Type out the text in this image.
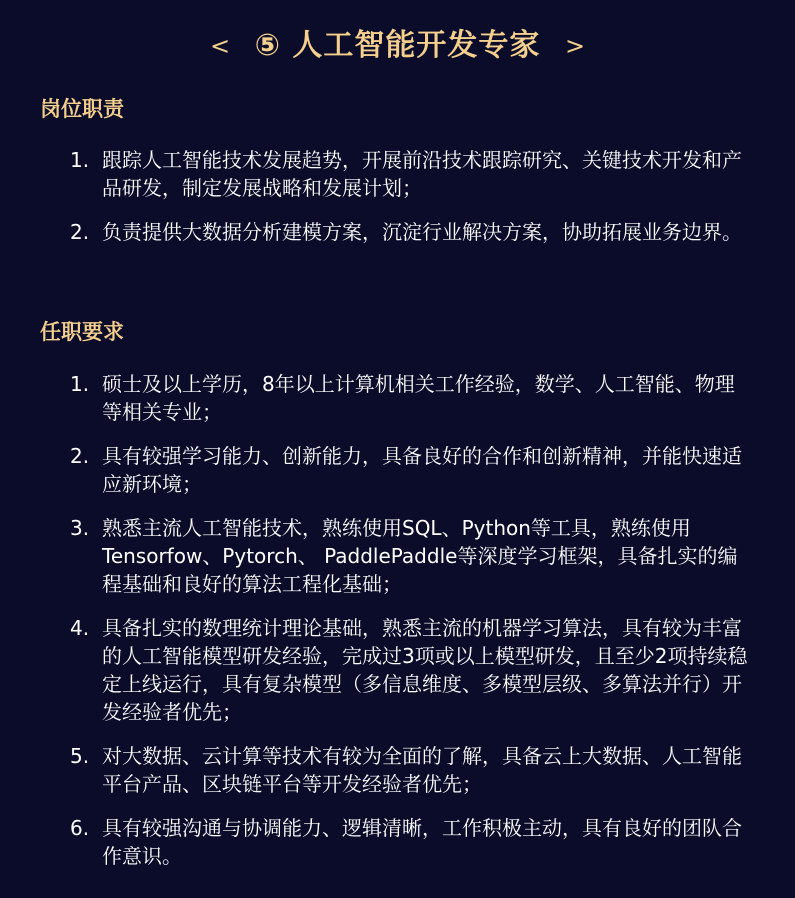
⑤ 人工智能开发专家
<	>
岗位职责
1. 跟踪人工智能技术发展趋势，开展前沿技术跟踪研究、关键技术开发和产品研发，制定发展战略和发展计划；
2. 负责提供大数据分析建模方案，沉淀行业解决方案，协助拓展业务边界。
任职要求
1. 硕士及以上学历，8年以上计算机相关工作经验，数学、人工智能、物理等相关专业；
2. 具有较强学习能力、创新能力，具备良好的合作和创新精神，并能快速适应新环境；
3. 熟悉主流人工智能技术，熟练使用SQL、Python等工具，熟练使用 Tensorfow、Pytorch、 PaddlePaddle等深度学习框架，具备扎实的编程基础和良好的算法工程化基础；
4. 具备扎实的数理统计理论基础，熟悉主流的机器学习算法，具有较为丰富的人工智能模型研发经验，完成过3项或以上模型研发，且至少2项持续稳定上线运行，具有复杂模型（多信息维度、多模型层级、多算法并行）开发经验者优先；
5. 对大数据、云计算等技术有较为全面的了解，具备云上大数据、人工智能平台产品、区块链平台等开发经验者优先；
6. 具有较强沟通与协调能力、逻辑清晰，工作积极主动，具有良好的团队合作意识。
